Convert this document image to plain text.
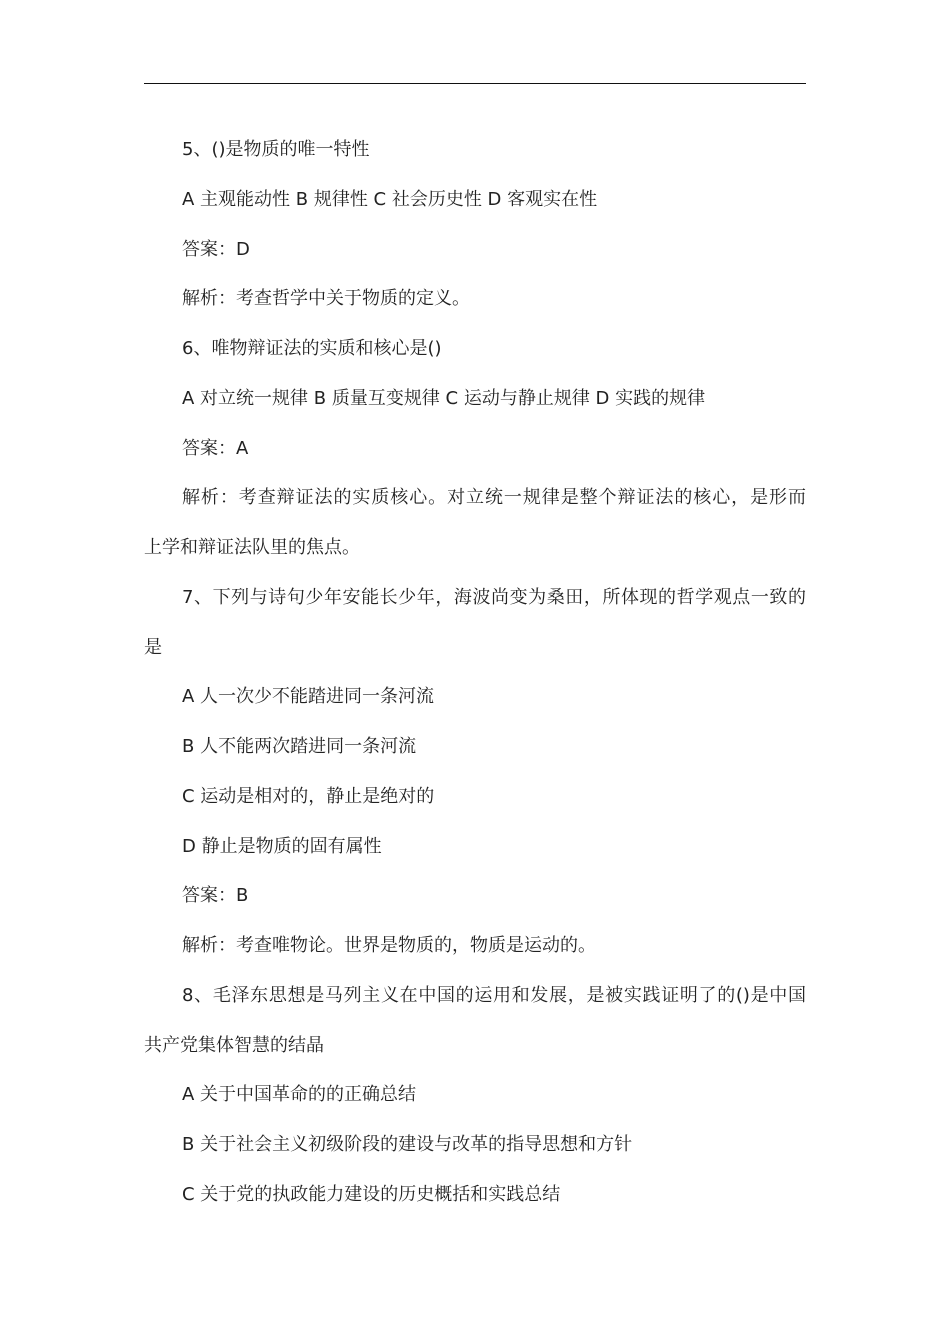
5、()是物质的唯一特性
A 主观能动性 B 规律性 C 社会历史性 D 客观实在性
答案：D
解析：考查哲学中关于物质的定义。
6、唯物辩证法的实质和核心是()
A 对立统一规律 B 质量互变规律 C 运动与静止规律 D 实践的规律
答案：A
解析：考查辩证法的实质核心。对立统一规律是整个辩证法的核心，是形而
上学和辩证法队里的焦点。
7、下列与诗句少年安能长少年，海波尚变为桑田，所体现的哲学观点一致的
是
A 人一次少不能踏进同一条河流
B 人不能两次踏进同一条河流
C 运动是相对的，静止是绝对的
D 静止是物质的固有属性
答案：B
解析：考查唯物论。世界是物质的，物质是运动的。
8、毛泽东思想是马列主义在中国的运用和发展，是被实践证明了的()是中国
共产党集体智慧的结晶
A 关于中国革命的的正确总结
B 关于社会主义初级阶段的建设与改革的指导思想和方针
C 关于党的执政能力建设的历史概括和实践总结
